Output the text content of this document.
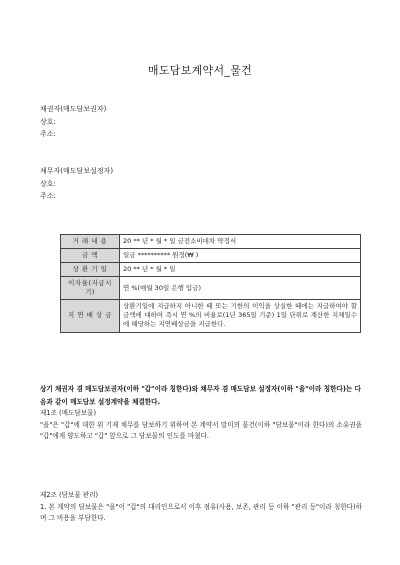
매도담보계약서_물건
채권자(매도담보권자)
상호:
주소:
채무자(매도담보설정자)
상호:
주소:
거 래 내 용	20 ** 년 * 월 * 일 금전소비대차 약정서
금 액	일금 ********** 원정(₩ )
상 환 기 일	20 ** 년 * 월 * 일
이자율(지급시기)	연 %(매월 30일 은행 입금)
지 연 배 상 금	상환기일에 지급하지 아니한 때 또는 기한의 이익을 상실한 때에는 지급하여야 할 금액에 대하여 즉시 연 %의 비율로(1년 365일 기준) 1일 단위로 계산한 지체일수에 해당하는 지연배상금을 지급한다.
상기 채권자 겸 매도담보권자(이하 "갑"이라 칭한다)와 채무자 겸 매도담보 설정자(이하 "을"이라 칭한다)는 다음과 같이 매도담보 설정계약을 체결한다.
제1조 (매도담보물)
"을"은 "갑"에 대한 위 기재 채무를 담보하기 위하여 본 계약서 말미의 물건(이하 "담보물"이라 한다)의 소유권을 "갑"에게 양도하고 "갑" 앞으로 그 담보물의 인도를 마쳤다.
제2조 (담보물 관리)
1. 본 계약의 담보물은 "을"이 "갑"의 대리인으로서 이후 점유(사용, 보존, 관리 등 이하 "관리 등"이라 칭한다)하며 그 비용을 부담한다.
